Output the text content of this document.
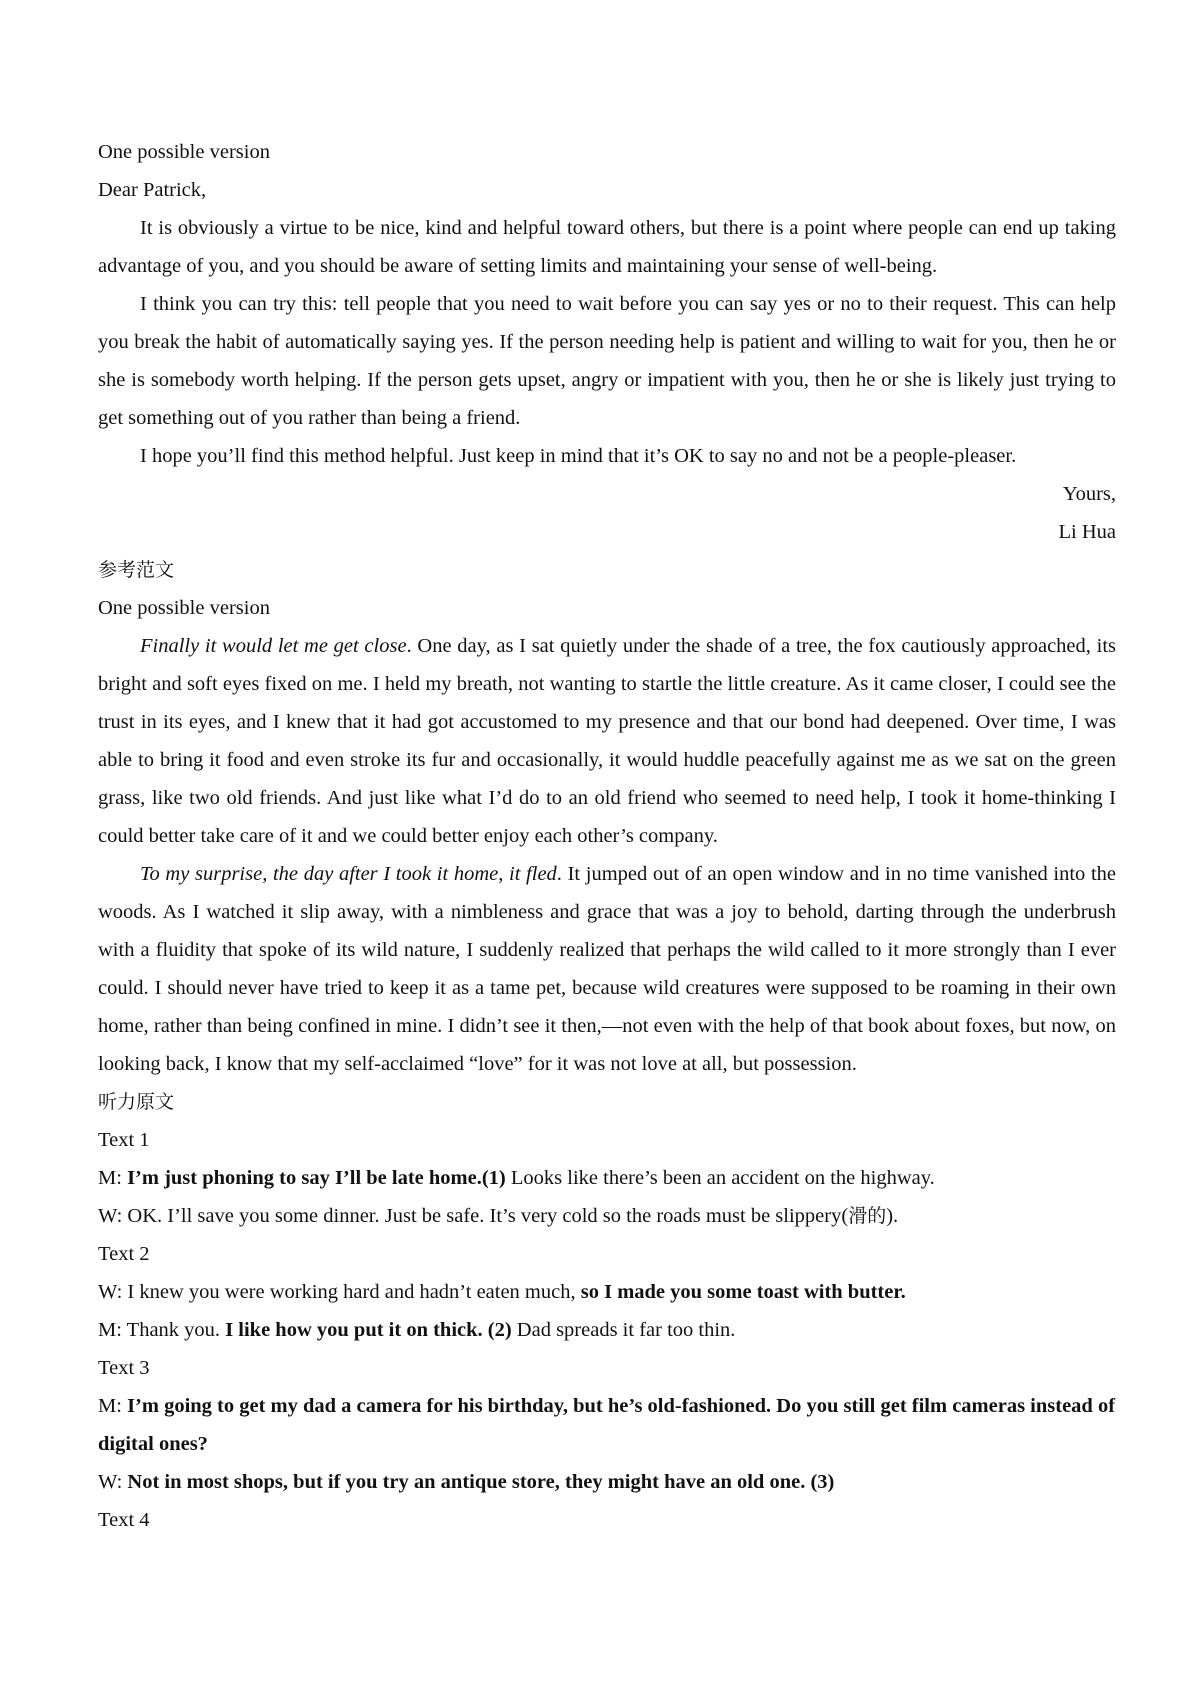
One possible version

Dear Patrick,

It is obviously a virtue to be nice, kind and helpful toward others, but there is a point where people can end up taking advantage of you, and you should be aware of setting limits and maintaining your sense of well-being.

I think you can try this: tell people that you need to wait before you can say yes or no to their request. This can help you break the habit of automatically saying yes. If the person needing help is patient and willing to wait for you, then he or she is somebody worth helping. If the person gets upset, angry or impatient with you, then he or she is likely just trying to get something out of you rather than being a friend.

I hope you’ll find this method helpful. Just keep in mind that it’s OK to say no and not be a people-pleaser.

Yours,

Li Hua

参考范文

One possible version

Finally it would let me get close. One day, as I sat quietly under the shade of a tree, the fox cautiously approached, its bright and soft eyes fixed on me. I held my breath, not wanting to startle the little creature. As it came closer, I could see the trust in its eyes, and I knew that it had got accustomed to my presence and that our bond had deepened. Over time, I was able to bring it food and even stroke its fur and occasionally, it would huddle peacefully against me as we sat on the green grass, like two old friends. And just like what I’d do to an old friend who seemed to need help, I took it home-thinking I could better take care of it and we could better enjoy each other’s company.

To my surprise, the day after I took it home, it fled. It jumped out of an open window and in no time vanished into the woods. As I watched it slip away, with a nimbleness and grace that was a joy to behold, darting through the underbrush with a fluidity that spoke of its wild nature, I suddenly realized that perhaps the wild called to it more strongly than I ever could. I should never have tried to keep it as a tame pet, because wild creatures were supposed to be roaming in their own home, rather than being confined in mine. I didn’t see it then,—not even with the help of that book about foxes, but now, on looking back, I know that my self-acclaimed “love” for it was not love at all, but possession.

听力原文

Text 1

M: I’m just phoning to say I’ll be late home.(1) Looks like there’s been an accident on the highway.

W: OK. I’ll save you some dinner. Just be safe. It’s very cold so the roads must be slippery(滑的).

Text 2

W: I knew you were working hard and hadn’t eaten much, so I made you some toast with butter.

M: Thank you. I like how you put it on thick. (2) Dad spreads it far too thin.

Text 3

M: I’m going to get my dad a camera for his birthday, but he’s old-fashioned. Do you still get film cameras instead of digital ones?

W: Not in most shops, but if you try an antique store, they might have an old one. (3)

Text 4
